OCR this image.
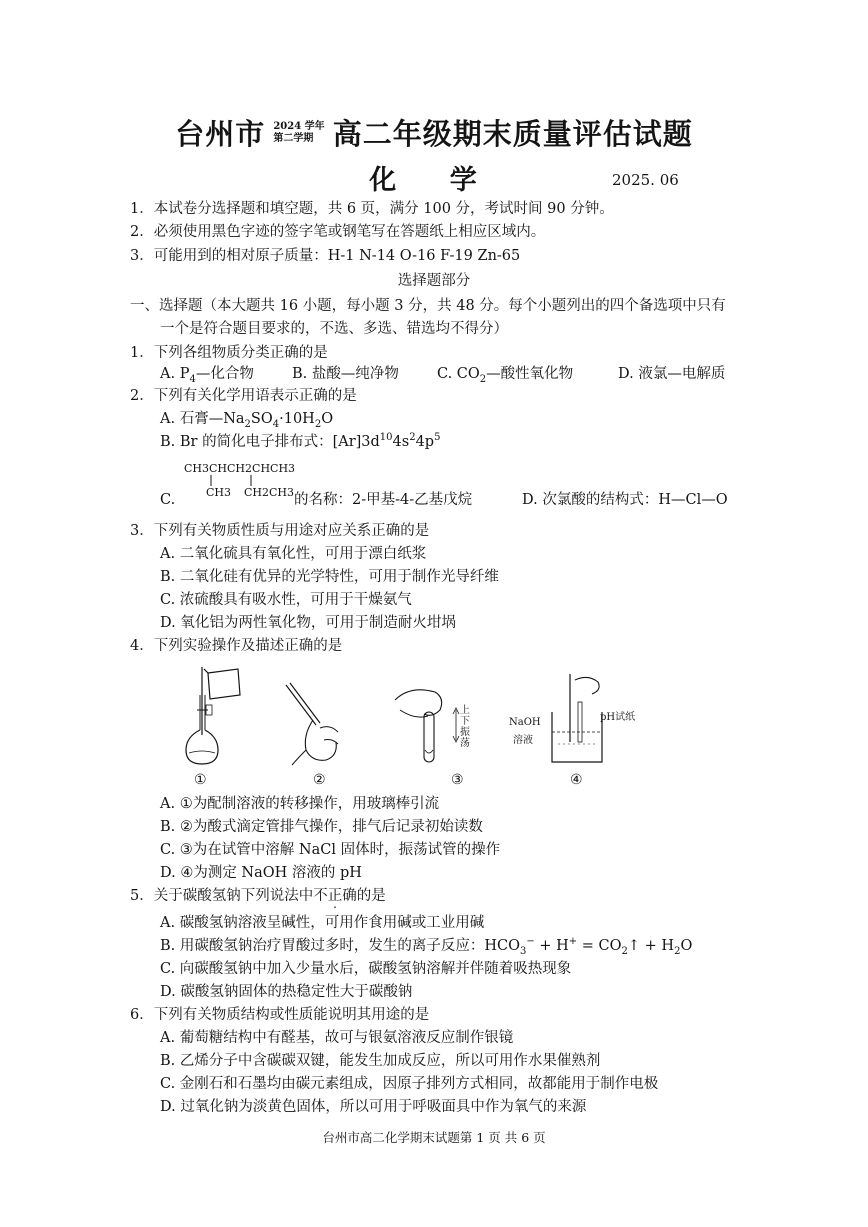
台州市 2024 学年
第二学期 高二年级期末质量评估试题
化 学	2025. 06
1．本试卷分选择题和填空题，共 6 页，满分 100 分，考试时间 90 分钟。
2．必须使用黑色字迹的签字笔或钢笔写在答题纸上相应区域内。
3．可能用到的相对原子质量：H-1 N-14 O-16 F-19 Zn-65
选择题部分
一、选择题（本大题共 16 小题，每小题 3 分，共 48 分。每个小题列出的四个备选项中只有
一个是符合题目要求的，不选、多选、错选均不得分）
1．下列各组物质分类正确的是
A. $P_4—$化合物	B. 盐酸—纯净物	C. $CO_2—$酸性氧化物	D. 液氯—电解质
2．下列有关化学用语表示正确的是
A. 石膏$—Na_2SO_4\cdot 10H_2O$
B. Br 的简化电子排布式：$[Ar]3d^{10}4s^24p^5$
C.
CH3CHCH2CHCH3
CH3 CH2CH3 的名称：2-甲基-4-乙基戊烷	D. 次氯酸的结构式：H—Cl—O
3．下列有关物质性质与用途对应关系正确的是
A. 二氧化硫具有氧化性，可用于漂白纸浆
B. 二氧化硅有优异的光学特性，可用于制作光导纤维
C. 浓硫酸具有吸水性，可用于干燥氨气
D. 氧化铝为两性氧化物，可用于制造耐火坩埚
4．下列实验操作及描述正确的是
①	②
上
下
振
荡
③
NaOH
溶液
pH试纸
④
A. ①为配制溶液的转移操作，用玻璃棒引流
B. ②为酸式滴定管排气操作，排气后记录初始读数
C. ③为在试管中溶解 NaCl 固体时，振荡试管的操作
D. ④为测定 NaOH 溶液的 pH
5．关于碳酸氢钠下列说法中不正确的是
A. 碳酸氢钠溶液呈碱性，可用作食用碱或工业用碱
B. 用碳酸氢钠治疗胃酸过多时，发生的离子反应：$HCO_3^- + H^+$ = $CO_2↑ + H_2O$
C. 向碳酸氢钠中加入少量水后，碳酸氢钠溶解并伴随着吸热现象
D. 碳酸氢钠固体的热稳定性大于碳酸钠
6．下列有关物质结构或性质能说明其用途的是
A. 葡萄糖结构中有醛基，故可与银氨溶液反应制作银镜
B. 乙烯分子中含碳碳双键，能发生加成反应，所以可用作水果催熟剂
C. 金刚石和石墨均由碳元素组成，因原子排列方式相同，故都能用于制作电极
D. 过氧化钠为淡黄色固体，所以可用于呼吸面具中作为氧气的来源
台州市高二化学期末试题第 1 页 共 6 页
